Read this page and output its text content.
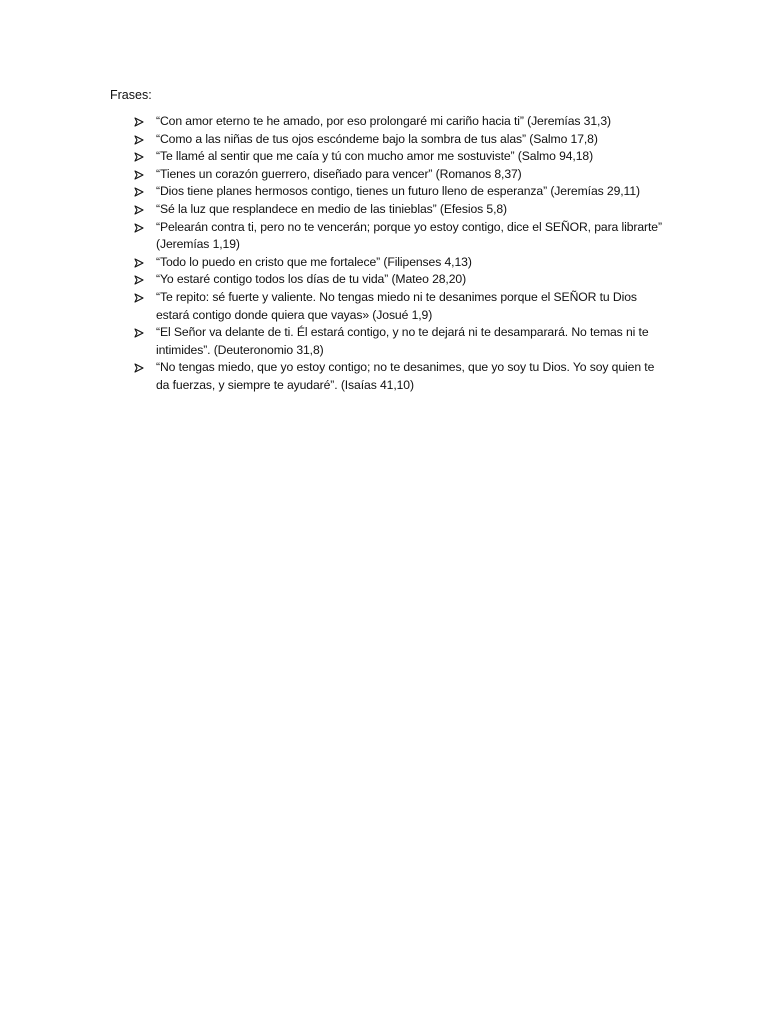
Frases:
“Con amor eterno te he amado, por eso prolongaré mi cariño hacia ti” (Jeremías 31,3)
“Como a las niñas de tus ojos escóndeme bajo la sombra de tus alas” (Salmo 17,8)
“Te llamé al sentir que me caía y tú con mucho amor me sostuviste” (Salmo 94,18)
“Tienes un corazón guerrero, diseñado para vencer” (Romanos 8,37)
“Dios tiene planes hermosos contigo, tienes un futuro lleno de esperanza” (Jeremías 29,11)
“Sé la luz que resplandece en medio de las tinieblas” (Efesios 5,8)
“Pelearán contra ti, pero no te vencerán; porque yo estoy contigo, dice el SEÑOR, para librarte” (Jeremías 1,19)
“Todo lo puedo en cristo que me fortalece” (Filipenses 4,13)
“Yo estaré contigo todos los días de tu vida” (Mateo 28,20)
“Te repito: sé fuerte y valiente. No tengas miedo ni te desanimes porque el SEÑOR tu Dios estará contigo donde quiera que vayas» (Josué 1,9)
“El Señor va delante de ti. Él estará contigo, y no te dejará ni te desamparará. No temas ni te intimides”. (Deuteronomio 31,8)
“No tengas miedo, que yo estoy contigo; no te desanimes, que yo soy tu Dios. Yo soy quien te da fuerzas, y siempre te ayudaré”. (Isaías 41,10)
